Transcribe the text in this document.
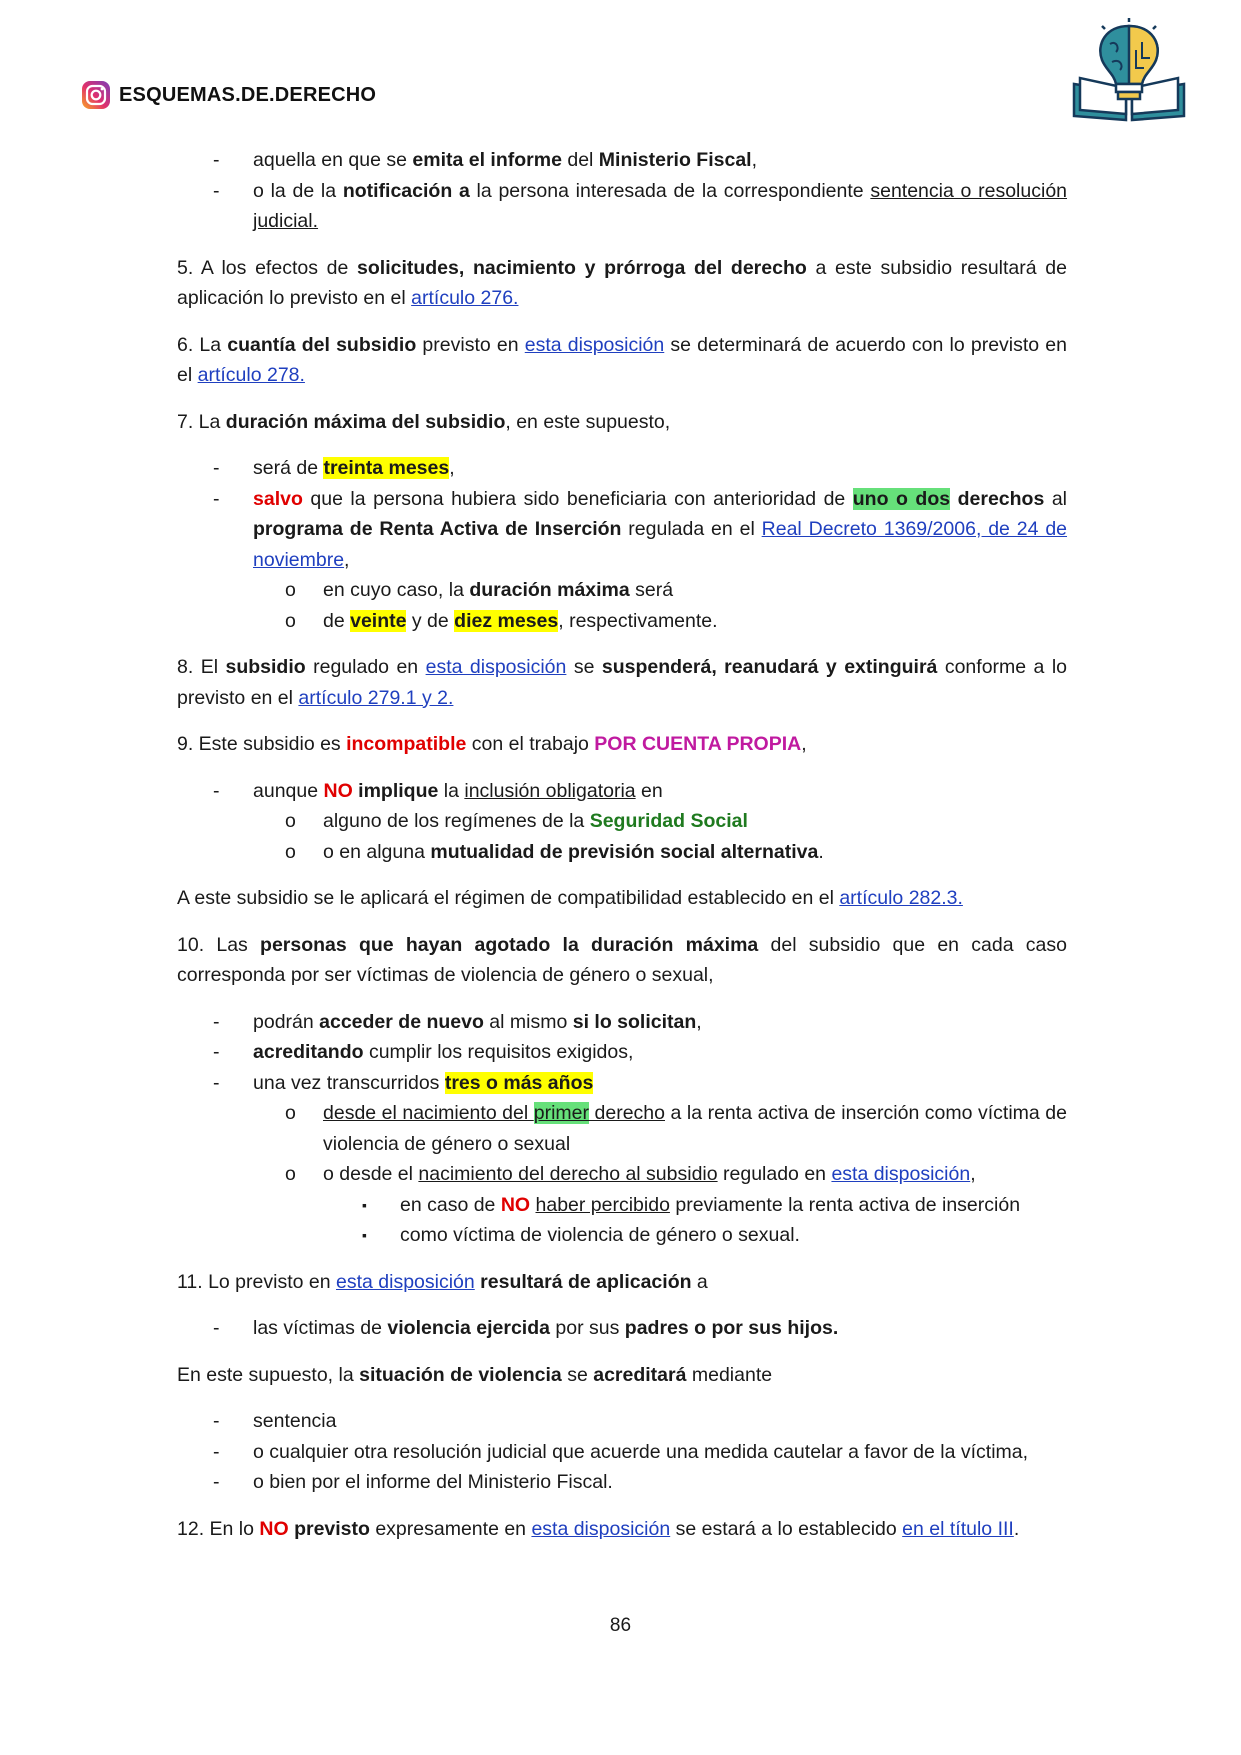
ESQUEMAS.DE.DERECHO
-	aquella en que se emita el informe del Ministerio Fiscal,
-	o la de la notificación a la persona interesada de la correspondiente sentencia o resolución judicial.

5. A los efectos de solicitudes, nacimiento y prórroga del derecho a este subsidio resultará de aplicación lo previsto en el artículo 276.

6. La cuantía del subsidio previsto en esta disposición se determinará de acuerdo con lo previsto en el artículo 278.

7. La duración máxima del subsidio, en este supuesto,

-	será de treinta meses,
-	salvo que la persona hubiera sido beneficiaria con anterioridad de uno o dos derechos al programa de Renta Activa de Inserción regulada en el Real Decreto 1369/2006, de 24 de noviembre,
o	en cuyo caso, la duración máxima será
o	de veinte y de diez meses, respectivamente.

8. El subsidio regulado en esta disposición se suspenderá, reanudará y extinguirá conforme a lo previsto en el artículo 279.1 y 2.

9. Este subsidio es incompatible con el trabajo POR CUENTA PROPIA,

-	aunque NO implique la inclusión obligatoria en
o	alguno de los regímenes de la Seguridad Social
o	o en alguna mutualidad de previsión social alternativa.

A este subsidio se le aplicará el régimen de compatibilidad establecido en el artículo 282.3.

10. Las personas que hayan agotado la duración máxima del subsidio que en cada caso corresponda por ser víctimas de violencia de género o sexual,

-	podrán acceder de nuevo al mismo si lo solicitan,
-	acreditando cumplir los requisitos exigidos,
-	una vez transcurridos tres o más años
o	desde el nacimiento del primer derecho a la renta activa de inserción como víctima de violencia de género o sexual
o	o desde el nacimiento del derecho al subsidio regulado en esta disposición,
▪	en caso de NO haber percibido previamente la renta activa de inserción
▪	como víctima de violencia de género o sexual.

11. Lo previsto en esta disposición resultará de aplicación a

-	las víctimas de violencia ejercida por sus padres o por sus hijos.

En este supuesto, la situación de violencia se acreditará mediante

-	sentencia
-	o cualquier otra resolución judicial que acuerde una medida cautelar a favor de la víctima,
-	o bien por el informe del Ministerio Fiscal.

12. En lo NO previsto expresamente en esta disposición se estará a lo establecido en el título III.

86
